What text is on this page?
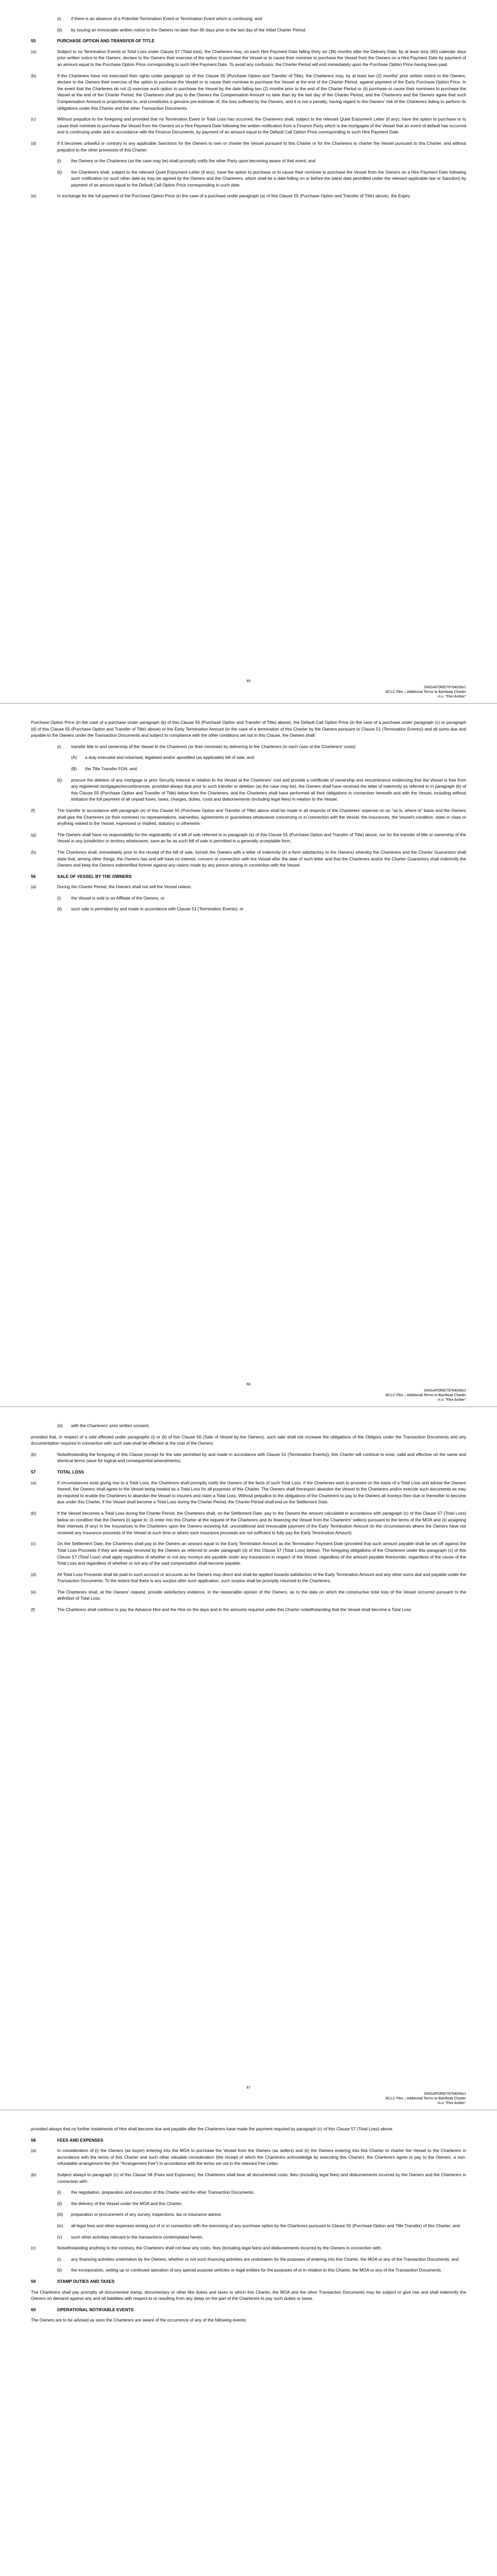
(i) if there is an absence of a Potential Termination Event or Termination Event which is continuing; and
(ii) by issuing an irrevocable written notice to the Owners no later than 90 days prior to the last day of the Initial Charter Period.
55	PURCHASE OPTION AND TRANSFER OF TITLE
(a)	Subject to no Termination Events or Total Loss under Clause 57 (Total loss), the Charterers may, on each Hire Payment Date falling thirty six (36) months after the Delivery Date, by at least sixty (60) calendar days prior written notice to the Owners, declare to the Owners their exercise of the option to purchase the Vessel or to cause their nominee to purchase the Vessel from the Owners on a Hire Payment Date by payment of an amount equal to the Purchase Option Price corresponding to such Hire Payment Date. To avoid any confusion, the Charter Period will end immediately upon the Purchase Option Price having been paid.
(b)	If the Charterers have not exercised their rights under paragraph (a) of this Clause 55 (Purchase Option and Transfer of Title), the Charterers may, by at least two (2) months' prior written notice to the Owners, declare to the Owners their exercise of the option to purchase the Vessel or to cause their nominee to purchase the Vessel at the end of the Charter Period, against payment of the Early Purchase Option Price. In the event that the Charterers do not (i) exercise such option to purchase the Vessel by the date falling two (2) months prior to the end of the Charter Period or (ii) purchase or cause their nominees to purchase the Vessel at the end of the Charter Period, the Charterers shall pay to the Owners the Compensation Amount no later than by the last day of the Charter Period, and the Charterers and the Owners agree that such Compensation Amount is proportionate to, and constitutes a genuine pre-estimate of, the loss suffered by the Owners, and it is not a penalty, having regard to the Owners' risk of the Charterers failing to perform its obligations under this Charter and the other Transaction Documents.
(c)	Without prejudice to the foregoing and provided that no Termination Event or Total Loss has occurred, the Charterers shall, subject to the relevant Quiet Enjoyment Letter (if any), have the option to purchase or to cause their nominee to purchase the Vessel from the Owners on a Hire Payment Date following the written notification from a Finance Party which is the mortgagee of the Vessel that an event of default has occurred and is continuing under and in accordance with the Finance Documents, by payment of an amount equal to the Default Call Option Price corresponding to such Hire Payment Date.
(d)	If it becomes unlawful or contrary to any applicable Sanctions for the Owners to own or charter the Vessel pursuant to this Charter or for the Charterers to charter the Vessel pursuant to this Charter, and without prejudice to the other provisions of this Charter:
(i) the Owners or the Charterers (as the case may be) shall promptly notify the other Party upon becoming aware of that event; and
(ii) the Charterers shall, subject to the relevant Quiet Enjoyment Letter (if any), have the option to purchase or to cause their nominee to purchase the Vessel from the Owners on a Hire Payment Date following such notification (or such other date as may be agreed by the Owners and the Charterers, which shall be a date falling on or before the latest date permitted under the relevant applicable law or Sanction) by payment of an amount equal to the Default Call Option Price corresponding to such date.
(e)	In exchange for the full payment of the Purchase Option Price (in the case of a purchase under paragraph (a) of this Clause 55 (Purchase Option and Transfer of Title) above), the Expiry
65
SINGAPORE/76764009v1
BCLC Flex – Additional Terms to Bareboat Charter
m.v. "Flex Amber"
Purchase Option Price (in the case of a purchase under paragraph (b) of this Clause 55 (Purchase Option and Transfer of Title) above), the Default Call Option Price (in the case of a purchase under paragraph (c) or paragraph (d) of this Clause 55 (Purchase Option and Transfer of Title) above) or the Early Termination Amount (in the case of a termination of this Charter by the Owners pursuant to Clause 51 (Termination Events)) and all sums due and payable to the Owners under the Transaction Documents and subject to compliance with the other conditions set out in this Clause, the Owners shall:
(i) transfer title to and ownership of the Vessel to the Charterers (or their nominee) by delivering to the Charterers (in each case at the Charterers' costs):
(A) a duly executed and notarised, legalised and/or apostilled (as applicable) bill of sale; and
(B) the Title Transfer FOA; and
(ii) procure the deletion of any mortgage or prior Security Interest in relation to the Vessel at the Charterers' cost and provide a certificate of ownership and encumbrance evidencing that the Vessel is free from any registered mortgages/encumbrances, provided always that prior to such transfer or deletion (as the case may be), the Owners shall have received the letter of indemnity as referred to in paragraph (b) of this Clause 55 (Purchase Option and Transfer of Title) below from the Charterers, and the Charterers shall have performed all their obligations in connection herewith and with the Vessel, including without limitation the full payment of all unpaid fuses, taxes, charges, duties, costs and disbursements (including legal fees) in relation to the Vessel.
(f)	The transfer in accordance with paragraph (e) of this Clause 55 (Purchase Option and Transfer of Title) above shall be made in all respects of the Charterers' expense on an "as is, where is" basis and the Owners shall give the Charterers (or their nominee) no representations, warranties, agreements or guarantees whatsoever concerning or in connection with the Vessel, the insurances, the Vessel's condition, state or class or anything related to the Vessel, expressed or implied, statutory or otherwise.
(g)	The Owners shall have no responsibility for the registrability of a bill of sale referred to in paragraph (e) of this Clause 55 (Purchase Option and Transfer of Title) above, nor for the transfer of title or ownership of the Vessel in any jurisdiction or territory whatsoever, save as far as such bill of sale is permitted in a generally acceptable form.
(h)	The Charterers shall, immediately prior to the receipt of the bill of sale, furnish the Owners with a letter of indemnity (in a form satisfactory to the Owners) whereby the Charterers and the Charter Guarantors shall state that, among other things, the Owners has and will have no interest, concern or connection with the Vessel after the date of such letter and that the Charterers and/or the Charter Guarantors shall indemnify the Owners and keep the Owners indemnified forever against any claims made by any person arising in connection with the Vessel.
56	SALE OF VESSEL BY THE OWNERS
(a)	During the Charter Period, the Owners shall not sell the Vessel unless:
(i) the Vessel is sold to an Affiliate of the Owners, or
(ii) such sale is permitted by and made in accordance with Clause 51 (Termination Events); or
66
SINGAPORE/76764009v1
BCLC Flex – Additional Terms to Bareboat Charter
m.v. "Flex Amber"
(iii) with the Charterers' prior written consent,
provided that, in respect of a sale effected under paragraphs (i) or (ii) of this Clause 56 (Sale of Vessel by the Owners), such sale shall not increase the obligations of the Obligors under the Transaction Documents and any documentation required in connection with such sale shall be effected at the cost of the Owners.
(b)	Notwithstanding the foregoing of this Clause (except for the sale permitted by and made in accordance with Clause 51 (Termination Events)), this Charter will continue to exist, valid and effective on the same and identical terms (save for logical and consequential amendments).
57	TOTAL LOSS
(a)	If circumstances exist giving rise to a Total Loss, the Charterers shall promptly notify the Owners of the facts of such Total Loss. If the Charterers wish to proceed on the basis of a Total Loss and advise the Owners thereof, the Owners shall agree to the Vessel being treated as a Total Loss for all purposes of this Charter. The Owners shall thereupon abandon the Vessel to the Charterers and/or execute such documents as may be required to enable the Charterers to abandon the Vessel to insurers and claim a Total Loss. Without prejudice to the obligations of the Charterers to pay to the Owners all moneys then due or thereafter to become due under this Charter, if the Vessel shall become a Total Loss during the Charter Period, the Charter Period shall end on the Settlement Date.
(b)	If the Vessel becomes a Total Loss during the Charter Period, the Charterers shall, on the Settlement Date, pay to the Owners the amount calculated in accordance with paragraph (c) of this Clause 57 (Total Loss) below on condition that the Owners (i) agree to: (i) enter into this Charter at the request of the Charterers and its financing the Vessel from the Charterers' sellers) pursuant to the terms of the MOA and (ii) assigning their interests (if any) in the Insurances to the Charterers upon the Owners receiving full, unconditional and irrevocable payment of the Early Termination Amount (in the circumstances where the Owners have not received any insurance proceeds of the Vessel at such time or where such insurance proceeds are not sufficient to fully pay the Early Termination Amount).
(c)	On the Settlement Date, the Charterers shall pay to the Owners an amount equal to the Early Termination Amount as the Termination Payment Date (provided that such amount payable shall be set off against the Total Loss Proceeds if they are already received by the Owners as referred to under paragraph (d) of this Clause 57 (Total Loss) below). The foregoing obligations of the Charterers under this paragraph (c) of this Clause 57 (Total Loss) shall apply regardless of whether or not any moneys are payable under any Insurances in respect of the Vessel, regardless of the amount payable thereunder, regardless of the cause of the Total Loss and regardless of whether or not any of the said compensation shall become payable.
(d)	All Total Loss Proceeds shall be paid to such account or accounts as the Owners may direct and shall be applied towards satisfaction of the Early Termination Amount and any other sums due and payable under the Transaction Documents. To the extent that there is any surplus after such application, such surplus shall be promptly returned to the Charterers.
(e)	The Charterers shall, at the Owners' request, provide satisfactory evidence, in the reasonable opinion of the Owners, as to the date on which the constructive total loss of the Vessel occurred pursuant to the definition of Total Loss.
(f)	The Charterers shall continue to pay the Advance Hire and the Hire on the days and in the amounts required under this Charter notwithstanding that the Vessel shall become a Total Loss
67
SINGAPORE/76764009v1
BCLC Flex – Additional Terms to Bareboat Charter
m.v. "Flex Amber"
provided always that no further instalments of Hire shall become due and payable after the Charterers have made the payment required by paragraph (c) of this Clause 57 (Total Loss) above.
58	FEES AND EXPENSES
(a)	In consideration of (i) the Owners (as buyer) entering into the MOA to purchase the Vessel from the Owners (as sellers) and (ii) the Owners entering into this Charter to charter the Vessel to the Charterers in accordance with the terms of this Charter and such other valuable consideration (the receipt of which the Charterers acknowledge by executing this Charter), the Charterers agree to pay to the Owners, a non-refundable arrangement fee (the "Arrangement Fee") in accordance with the terms set out in the relevant Fee Letter.
(b)	Subject always to paragraph (c) of this Clause 58 (Fees and Expenses), the Charterers shall bear all documented costs, fees (including legal fees) and disbursements incurred by the Owners and the Charterers in connection with:
(i) the negotiation, preparation and execution of this Charter and the other Transaction Documents;
(ii) the delivery of the Vessel under the MOA and this Charter;
(iii) preparation or procurement of any survey, inspections, tax or insurance advice;
(iv) all legal fees and other expenses arising out of or in connection with the exercising of any purchase option by the Charterers pursuant to Clause 55 (Purchase Option and Title Transfer) of this Charter; and
(v) such other activities relevant to the transactions contemplated herein.
(c)	Notwithstanding anything to the contrary, the Charterers shall not bear any costs, fees (including legal fees) and disbursements incurred by the Owners in connection with:
(i) any financing activities undertaken by the Owners, whether or not such financing activities are undertaken for the purposes of entering into this Charter, the MOA or any of the Transaction Documents; and
(ii) the incorporation, setting up or continued operation of any special purpose vehicles or legal entities for the purposes of or in relation to this Charter, the MOA or any of the Transaction Documents.
59	STAMP DUTIES AND TAXES
The Charterers shall pay promptly all documented stamp, documentary or other like duties and taxes to which this Charter, the MOA and the other Transaction Documents may be subject or give rise and shall indemnify the Owners on demand against any and all liabilities with respect to or resulting from any delay on the part of the Charterers to pay such duties or taxes.
60	OPERATIONAL NOTIFIABLE EVENTS
The Owners are to be advised as soon the Charterers are aware of the occurrence of any of the following events:
